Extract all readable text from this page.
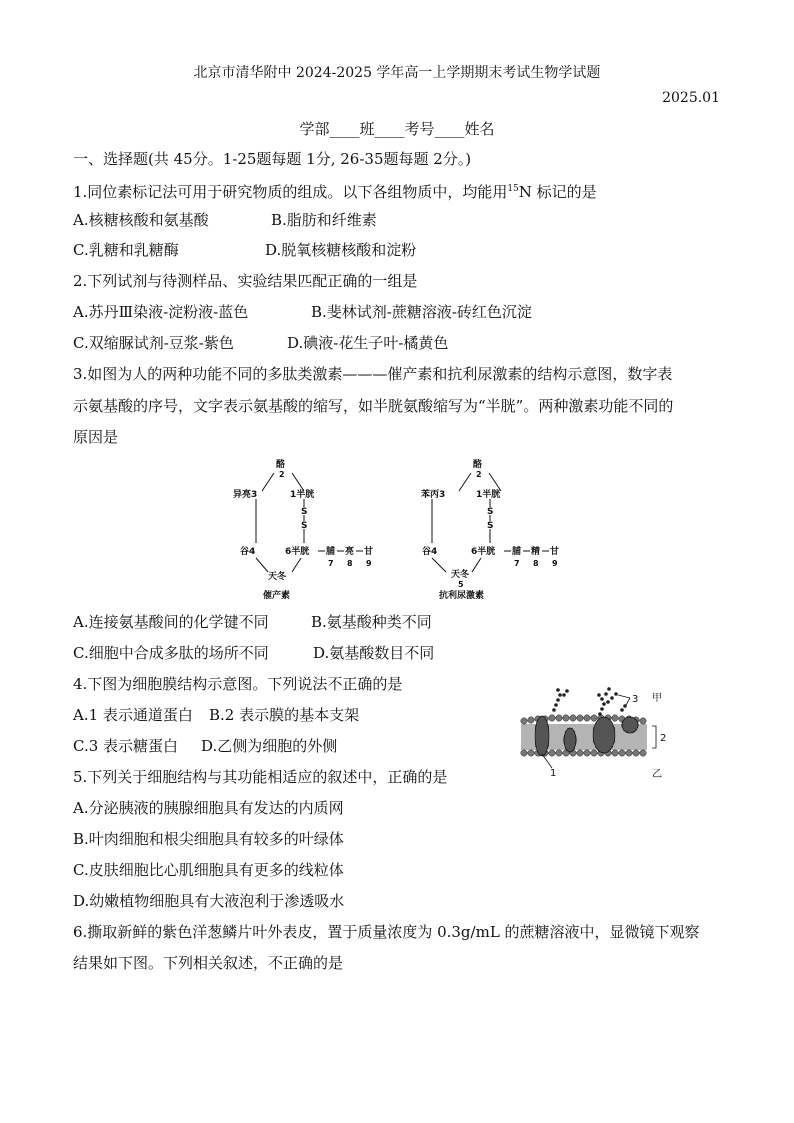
北京市清华附中 2024-2025 学年高一上学期期末考试生物学试题
2025.01
学部____班____考号____姓名
一、选择题(共 45分。1-25题每题 1分, 26-35题每题 2分。)
1.同位素标记法可用于研究物质的组成。以下各组物质中，均能用$^{15}$N 标记的是
A.核糖核酸和氨基酸	B.脂肪和纤维素
C.乳糖和乳糖酶	D.脱氧核糖核酸和淀粉
2.下列试剂与待测样品、实验结果匹配正确的一组是
A.苏丹Ⅲ染液-淀粉液-蓝色	B.斐林试剂-蔗糖溶液-砖红色沉淀
C.双缩脲试剂-豆浆-紫色	D.碘液-花生子叶-橘黄色
3.如图为人的两种功能不同的多肽类激素———催产素和抗利尿激素的结构示意图，数字表
示氨基酸的序号，文字表示氨基酸的缩写，如半胱氨酸缩写为“半胱”。两种激素功能不同的
原因是
酪
2
异亮3	1半胱
S
S
谷4	6半胱 脯 亮 甘
7 8 9
天冬
催产素
酪
2
苯丙3	1半胱
S
S
谷4	6半胱 脯 精 甘
7 8 9
天冬
5
抗利尿激素
A.连接氨基酸间的化学键不同	B.氨基酸种类不同
C.细胞中合成多肽的场所不同	D.氨基酸数目不同
4.下图为细胞膜结构示意图。下列说法不正确的是
A.1 表示通道蛋白 B.2 表示膜的基本支架
C.3 表示糖蛋白 D.乙侧为细胞的外侧
3 甲
2
1	乙
5.下列关于细胞结构与其功能相适应的叙述中，正确的是
A.分泌胰液的胰腺细胞具有发达的内质网
B.叶肉细胞和根尖细胞具有较多的叶绿体
C.皮肤细胞比心肌细胞具有更多的线粒体
D.幼嫩植物细胞具有大液泡利于渗透吸水
6.撕取新鲜的紫色洋葱鳞片叶外表皮，置于质量浓度为 0.3g/mL 的蔗糖溶液中，显微镜下观察
结果如下图。下列相关叙述，不正确的是
